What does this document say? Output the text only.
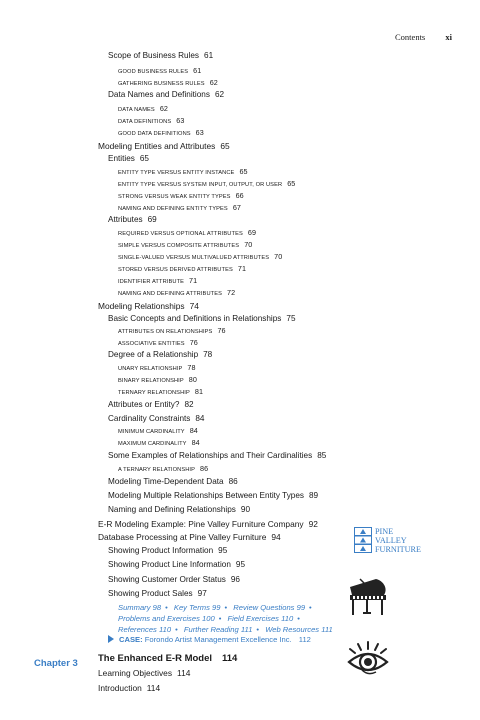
Contents xi
Scope of Business Rules 61
GOOD BUSINESS RULES 61
GATHERING BUSINESS RULES 62
Data Names and Definitions 62
DATA NAMES 62
DATA DEFINITIONS 63
GOOD DATA DEFINITIONS 63
Modeling Entities and Attributes 65
Entities 65
ENTITY TYPE VERSUS ENTITY INSTANCE 65
ENTITY TYPE VERSUS SYSTEM INPUT, OUTPUT, OR USER 65
STRONG VERSUS WEAK ENTITY TYPES 66
NAMING AND DEFINING ENTITY TYPES 67
Attributes 69
REQUIRED VERSUS OPTIONAL ATTRIBUTES 69
SIMPLE VERSUS COMPOSITE ATTRIBUTES 70
SINGLE-VALUED VERSUS MULTIVALUED ATTRIBUTES 70
STORED VERSUS DERIVED ATTRIBUTES 71
IDENTIFIER ATTRIBUTE 71
NAMING AND DEFINING ATTRIBUTES 72
Modeling Relationships 74
Basic Concepts and Definitions in Relationships 75
ATTRIBUTES ON RELATIONSHIPS 76
ASSOCIATIVE ENTITIES 76
Degree of a Relationship 78
UNARY RELATIONSHIP 78
BINARY RELATIONSHIP 80
TERNARY RELATIONSHIP 81
Attributes or Entity? 82
Cardinality Constraints 84
MINIMUM CARDINALITY 84
MAXIMUM CARDINALITY 84
Some Examples of Relationships and Their Cardinalities 85
A TERNARY RELATIONSHIP 86
Modeling Time-Dependent Data 86
Modeling Multiple Relationships Between Entity Types 89
Naming and Defining Relationships 90
E-R Modeling Example: Pine Valley Furniture Company 92
Database Processing at Pine Valley Furniture 94
Showing Product Information 95
Showing Product Line Information 95
Showing Customer Order Status 96
Showing Product Sales 97
Summary 98 • Key Terms 99 • Review Questions 99 •
Problems and Exercises 100 • Field Exercises 110 •
References 110 • Further Reading 111 • Web Resources 111
CASE: Forondo Artist Management Excellence Inc. 112
Chapter 3 The Enhanced E-R Model 114
Learning Objectives 114
Introduction 114
PINE
VALLEY
FURNITURE
